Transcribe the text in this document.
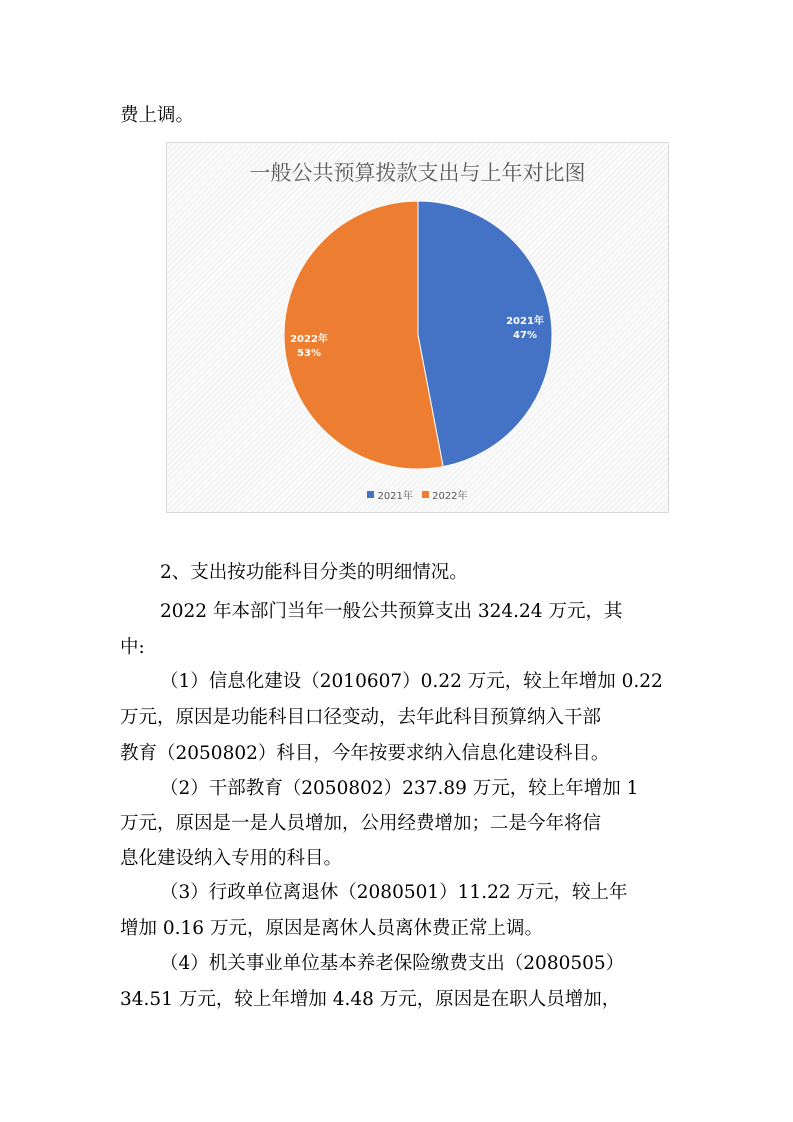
费上调。
一般公共预算拨款支出与上年对比图
2021年
47%
2022年
53%
2021年
2022年
2、支出按功能科目分类的明细情况。
2022 年本部门当年一般公共预算支出 324.24 万元，其
中:
（1）信息化建设（2010607）0.22 万元，较上年增加 0.22
万元，原因是功能科目口径变动，去年此科目预算纳入干部
教育（2050802）科目，今年按要求纳入信息化建设科目。
（2）干部教育（2050802）237.89 万元，较上年增加 1
万元，原因是一是人员增加，公用经费增加；二是今年将信
息化建设纳入专用的科目。
（3）行政单位离退休（2080501）11.22 万元，较上年
增加 0.16 万元，原因是离休人员离休费正常上调。
（4）机关事业单位基本养老保险缴费支出（2080505）
34.51 万元，较上年增加 4.48 万元，原因是在职人员增加，
